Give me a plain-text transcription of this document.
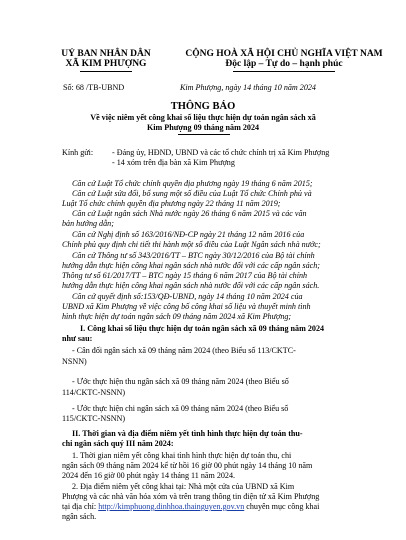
UỶ BAN NHÂN DÂN
XÃ KIM PHƯỢNG
CỘNG HOÀ XÃ HỘI CHỦ NGHĨA VIỆT NAM
Độc lập – Tự do – hạnh phúc
Số: 68 /TB-UBND	Kim Phượng, ngày 14 tháng 10 năm 2024
THÔNG BÁO
Về việc niêm yết công khai số liệu thực hiện dự toán ngân sách xã
Kim Phượng 09 tháng năm 2024
Kính gửi: - Đảng ủy, HĐND, UBND và các tổ chức chính trị xã Kim Phượng
- 14 xóm trên địa bàn xã Kim Phượng
Căn cứ Luật Tổ chức chính quyền địa phương ngày 19 tháng 6 năm 2015;
Căn cứ Luật sửa đổi, bổ sung một số điều của Luật Tổ chức Chính phủ và
Luật Tổ chức chính quyền địa phương ngày 22 tháng 11 năm 2019;
Căn cứ Luật ngân sách Nhà nước ngày 26 tháng 6 năm 2015 và các văn
bản hướng dẫn;
Căn cứ Nghị định số 163/2016/NĐ-CP ngày 21 tháng 12 năm 2016 của
Chính phủ quy định chi tiết thi hành một số điều của Luật Ngân sách nhà nước;
Căn cứ Thông tư số 343/2016/TT – BTC ngày 30/12/2016 của Bộ tài chính
hướng dẫn thực hiện công khai ngân sách nhà nước đối với các cấp ngân sách;
Thông tư số 61/2017/TT – BTC ngày 15 tháng 6 năm 2017 của Bộ tài chính
hướng dẫn thực hiện công khai ngân sách nhà nước đối với các cấp ngân sách.
Căn cứ quyết định số:153/QĐ-UBND, ngày 14 tháng 10 năm 2024 của
UBND xã Kim Phượng về việc công bố công khai số liệu và thuyết minh tình
hình thực hiện dự toán ngân sách 09 tháng năm 2024 xã Kim Phượng;
I. Công khai số liệu thực hiện dự toán ngân sách xã 09 tháng năm 2024
như sau:
- Cân đối ngân sách xã 09 tháng năm 2024 (theo Biểu số 113/CKTC-
NSNN)
- Ước thực hiện thu ngân sách xã 09 tháng năm 2024 (theo Biểu số
114/CKTC-NSNN)
- Ước thực hiện chi ngân sách xã 09 tháng năm 2024 (theo Biểu số
115/CKTC-NSNN)
II. Thời gian và địa điểm niêm yết tình hình thực hiện dự toán thu-
chi ngân sách quý III năm 2024:
1. Thời gian niêm yết công khai tình hình thực hiện dự toán thu, chi
ngân sách 09 tháng năm 2024 kể từ hồi 16 giờ 00 phút ngày 14 tháng 10 năm
2024 đến 16 giờ 00 phút ngày 14 tháng 11 năm 2024.
2. Địa điểm niêm yết công khai tại: Nhà một cửa của UBND xã Kim
Phượng và các nhà văn hóa xóm và trên trang thông tin điện tử xã Kim Phượng
tại địa chỉ: http://kimphuong.dinhhoa.thainguyen.gov.vn chuyên mục công khai
ngân sách.
